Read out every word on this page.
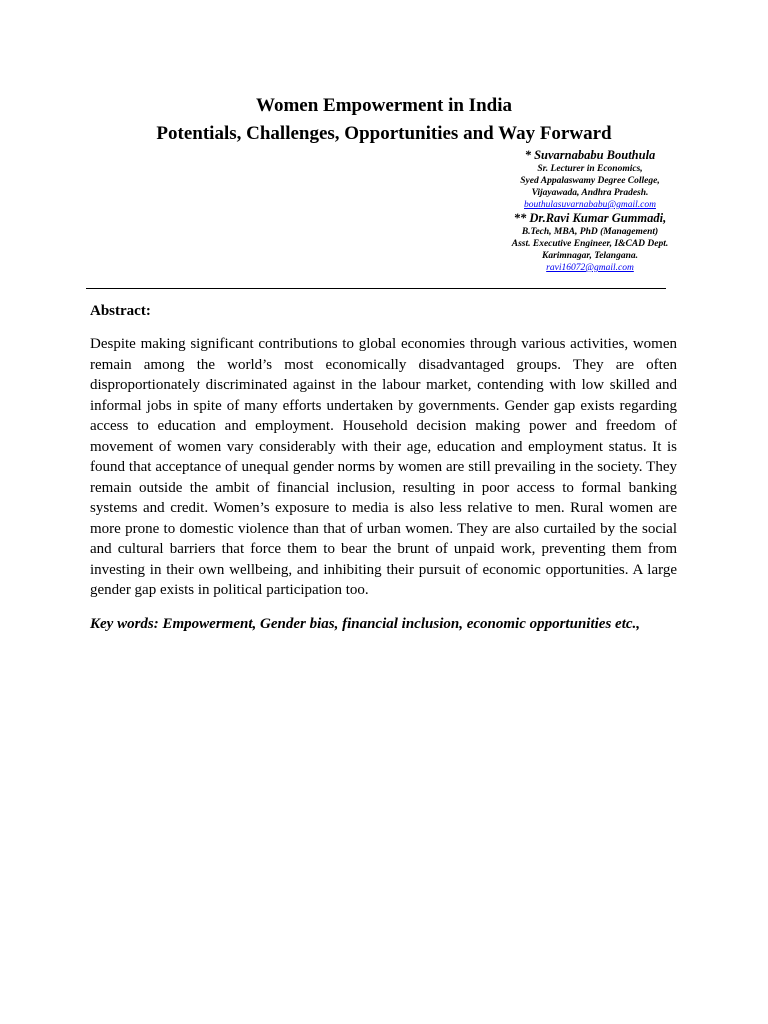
Women Empowerment in India
Potentials, Challenges, Opportunities and Way Forward
* Suvarnababu Bouthula
Sr. Lecturer in Economics,
Syed Appalaswamy Degree College,
Vijayawada, Andhra Pradesh.
bouthulasuvarnababu@gmail.com
** Dr.Ravi Kumar Gummadi,
B.Tech, MBA, PhD (Management)
Asst. Executive Engineer, I&CAD Dept.
Karimnagar, Telangana.
ravi16072@gmail.com
Abstract:

Despite making significant contributions to global economies through various activities, women remain among the world’s most economically disadvantaged groups. They are often disproportionately discriminated against in the labour market, contending with low skilled and informal jobs in spite of many efforts undertaken by governments. Gender gap exists regarding access to education and employment. Household decision making power and freedom of movement of women vary considerably with their age, education and employment status. It is found that acceptance of unequal gender norms by women are still prevailing in the society. They remain outside the ambit of financial inclusion, resulting in poor access to formal banking systems and credit. Women’s exposure to media is also less relative to men. Rural women are more prone to domestic violence than that of urban women. They are also curtailed by the social and cultural barriers that force them to bear the brunt of unpaid work, preventing them from investing in their own wellbeing, and inhibiting their pursuit of economic opportunities. A large gender gap exists in political participation too.

Key words: Empowerment, Gender bias, financial inclusion, economic opportunities etc.,
